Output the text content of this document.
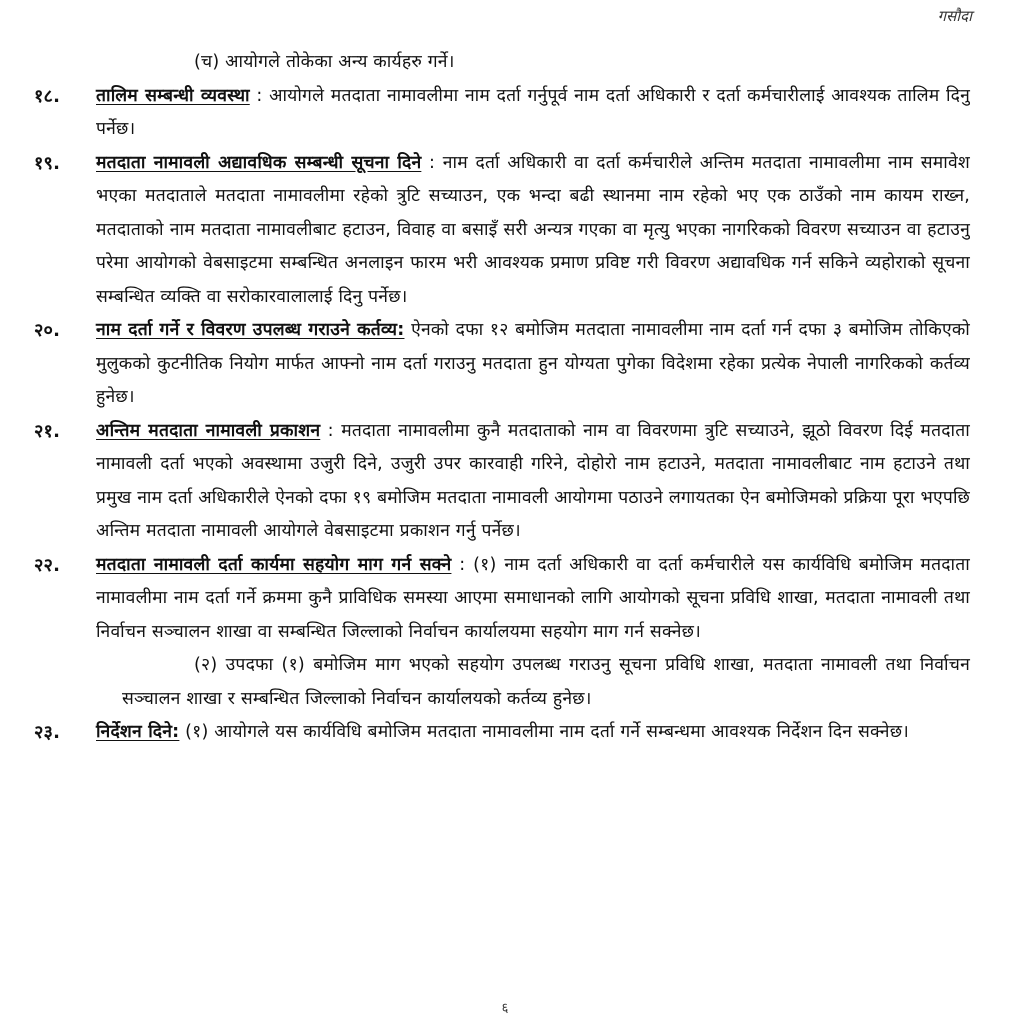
गसौदा

(च) आयोगले तोकेका अन्य कार्यहरु गर्ने।

१८. तालिम सम्बन्धी व्यवस्था : आयोगले मतदाता नामावलीमा नाम दर्ता गर्नुपूर्व नाम दर्ता अधिकारी र दर्ता कर्मचारीलाई आवश्यक तालिम दिनु पर्नेछ।
१९. मतदाता नामावली अद्यावधिक सम्बन्धी सूचना दिने : नाम दर्ता अधिकारी वा दर्ता कर्मचारीले अन्तिम मतदाता नामावलीमा नाम समावेश भएका मतदाताले मतदाता नामावलीमा रहेको त्रुटि सच्याउन, एक भन्दा बढी स्थानमा नाम रहेको भए एक ठाउँको नाम कायम राख्न, मतदाताको नाम मतदाता नामावलीबाट हटाउन, विवाह वा बसाइँ सरी अन्यत्र गएका वा मृत्यु भएका नागरिकको विवरण सच्याउन वा हटाउनु परेमा आयोगको वेबसाइटमा सम्बन्धित अनलाइन फारम भरी आवश्यक प्रमाण प्रविष्ट गरी विवरण अद्यावधिक गर्न सकिने व्यहोराको सूचना सम्बन्धित व्यक्ति वा सरोकारवालालाई दिनु पर्नेछ।
२०. नाम दर्ता गर्ने र विवरण उपलब्ध गराउने कर्तव्य: ऐनको दफा १२ बमोजिम मतदाता नामावलीमा नाम दर्ता गर्न दफा ३ बमोजिम तोकिएको मुलुकको कुटनीतिक नियोग मार्फत आफ्नो नाम दर्ता गराउनु मतदाता हुन योग्यता पुगेका विदेशमा रहेका प्रत्येक नेपाली नागरिकको कर्तव्य हुनेछ।
२१. अन्तिम मतदाता नामावली प्रकाशन : मतदाता नामावलीमा कुनै मतदाताको नाम वा विवरणमा त्रुटि सच्याउने, झूठो विवरण दिई मतदाता नामावली दर्ता भएको अवस्थामा उजुरी दिने, उजुरी उपर कारवाही गरिने, दोहोरो नाम हटाउने, मतदाता नामावलीबाट नाम हटाउने तथा प्रमुख नाम दर्ता अधिकारीले ऐनको दफा १९ बमोजिम मतदाता नामावली आयोगमा पठाउने लगायतका ऐन बमोजिमको प्रक्रिया पूरा भएपछि अन्तिम मतदाता नामावली आयोगले वेबसाइटमा प्रकाशन गर्नु पर्नेछ।
२२. मतदाता नामावली दर्ता कार्यमा सहयोग माग गर्न सक्ने : (१) नाम दर्ता अधिकारी वा दर्ता कर्मचारीले यस कार्यविधि बमोजिम मतदाता नामावलीमा नाम दर्ता गर्ने क्रममा कुनै प्राविधिक समस्या आएमा समाधानको लागि आयोगको सूचना प्रविधि शाखा, मतदाता नामावली तथा निर्वाचन सञ्चालन शाखा वा सम्बन्धित जिल्लाको निर्वाचन कार्यालयमा सहयोग माग गर्न सक्नेछ।

(२) उपदफा (१) बमोजिम माग भएको सहयोग उपलब्ध गराउनु सूचना प्रविधि शाखा, मतदाता नामावली तथा निर्वाचन सञ्चालन शाखा र सम्बन्धित जिल्लाको निर्वाचन कार्यालयको कर्तव्य हुनेछ।

२३. निर्देशन दिने: (१) आयोगले यस कार्यविधि बमोजिम मतदाता नामावलीमा नाम दर्ता गर्ने सम्बन्धमा आवश्यक निर्देशन दिन सक्नेछ।
६
